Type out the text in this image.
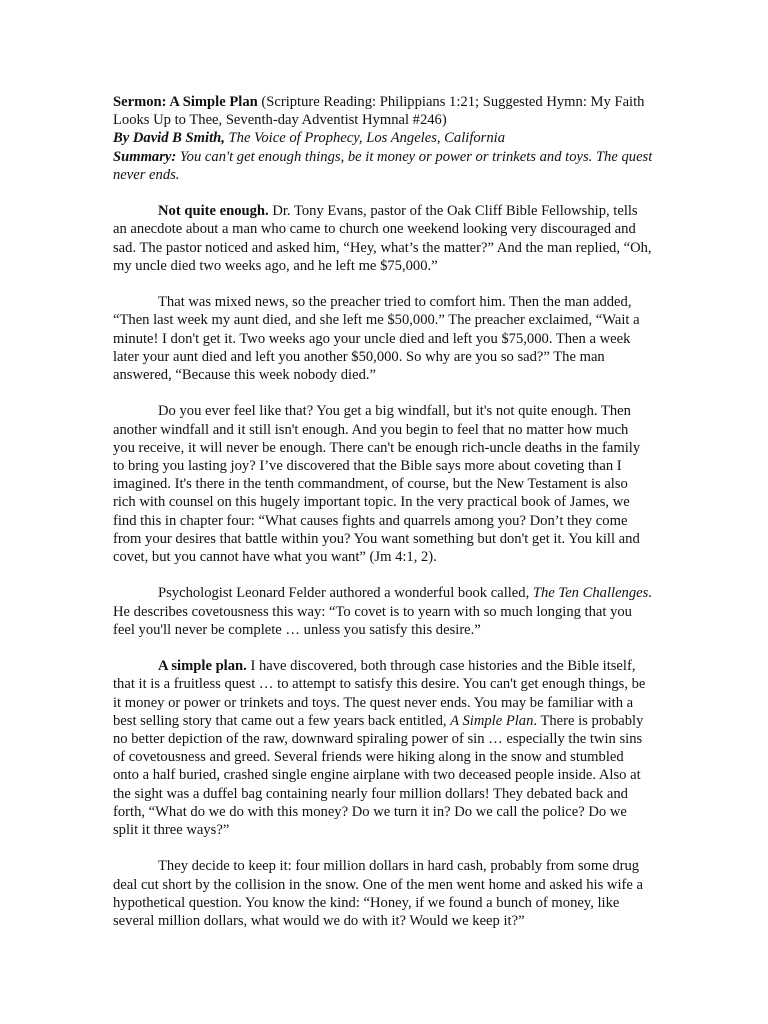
Sermon: A Simple Plan (Scripture Reading: Philippians 1:21; Suggested Hymn: My Faith Looks Up to Thee, Seventh-day Adventist Hymnal #246)

By David B Smith, The Voice of Prophecy, Los Angeles, California

Summary: You can't get enough things, be it money or power or trinkets and toys. The quest never ends.

Not quite enough. Dr. Tony Evans, pastor of the Oak Cliff Bible Fellowship, tells an anecdote about a man who came to church one weekend looking very discouraged and sad. The pastor noticed and asked him, “Hey, what’s the matter?” And the man replied, “Oh, my uncle died two weeks ago, and he left me $75,000.”

That was mixed news, so the preacher tried to comfort him. Then the man added, “Then last week my aunt died, and she left me $50,000.” The preacher exclaimed, “Wait a minute! I don't get it. Two weeks ago your uncle died and left you $75,000. Then a week later your aunt died and left you another $50,000. So why are you so sad?” The man answered, “Because this week nobody died.”

Do you ever feel like that? You get a big windfall, but it's not quite enough. Then another windfall and it still isn't enough. And you begin to feel that no matter how much you receive, it will never be enough. There can't be enough rich-uncle deaths in the family to bring you lasting joy? I’ve discovered that the Bible says more about coveting than I imagined. It's there in the tenth commandment, of course, but the New Testament is also rich with counsel on this hugely important topic. In the very practical book of James, we find this in chapter four: “What causes fights and quarrels among you? Don’t they come from your desires that battle within you? You want something but don't get it. You kill and covet, but you cannot have what you want” (Jm 4:1, 2).

Psychologist Leonard Felder authored a wonderful book called, The Ten Challenges. He describes covetousness this way: “To covet is to yearn with so much longing that you feel you'll never be complete … unless you satisfy this desire.”

A simple plan. I have discovered, both through case histories and the Bible itself, that it is a fruitless quest … to attempt to satisfy this desire. You can't get enough things, be it money or power or trinkets and toys. The quest never ends. You may be familiar with a best selling story that came out a few years back entitled, A Simple Plan. There is probably no better depiction of the raw, downward spiraling power of sin … especially the twin sins of covetousness and greed. Several friends were hiking along in the snow and stumbled onto a half buried, crashed single engine airplane with two deceased people inside. Also at the sight was a duffel bag containing nearly four million dollars! They debated back and forth, “What do we do with this money? Do we turn it in? Do we call the police? Do we split it three ways?”

They decide to keep it: four million dollars in hard cash, probably from some drug deal cut short by the collision in the snow. One of the men went home and asked his wife a hypothetical question. You know the kind: “Honey, if we found a bunch of money, like several million dollars, what would we do with it? Would we keep it?”
